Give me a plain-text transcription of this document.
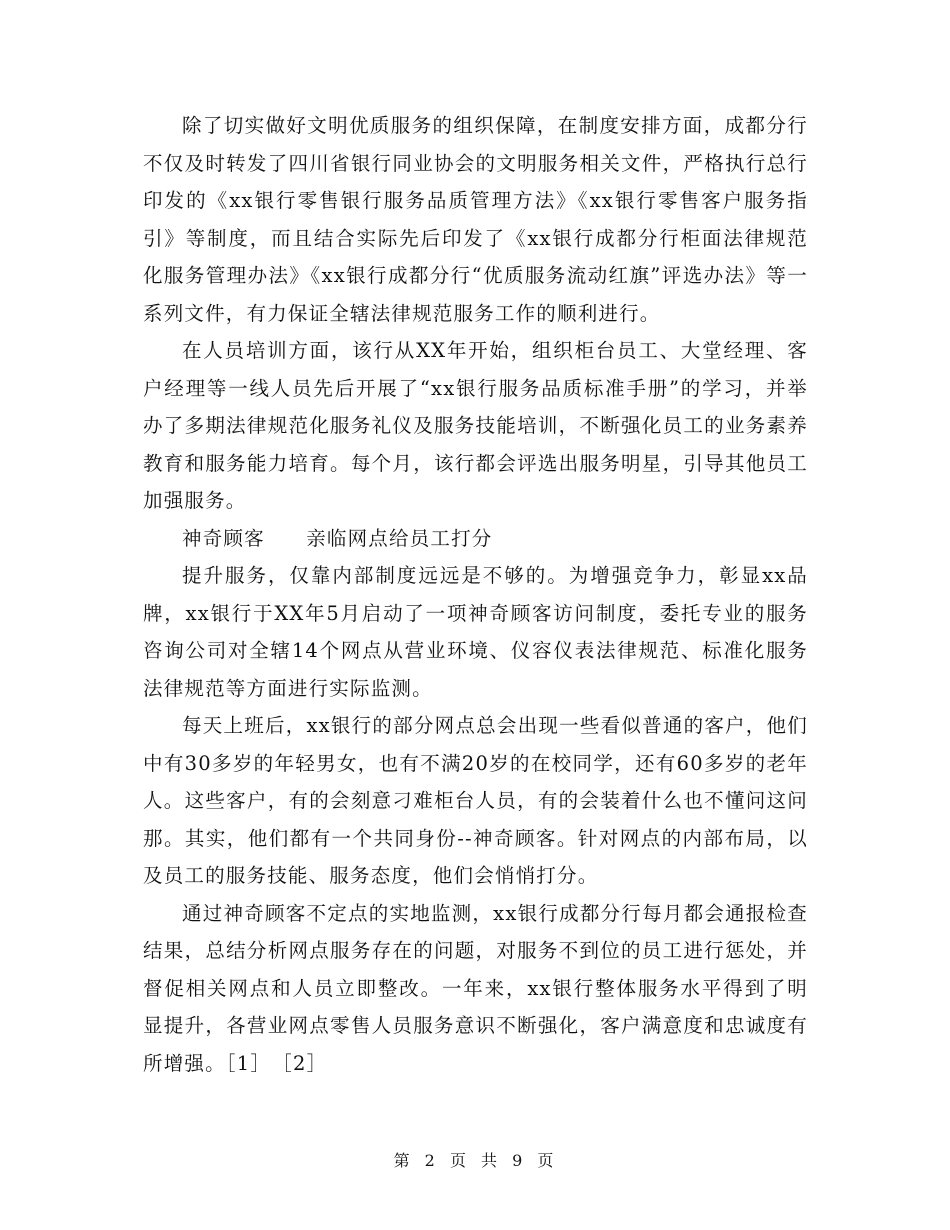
除了切实做好文明优质服务的组织保障，在制度安排方面，成都分行不仅及时转发了四川省银行同业协会的文明服务相关文件，严格执行总行印发的《xx银行零售银行服务品质管理方法》《xx银行零售客户服务指引》等制度，而且结合实际先后印发了《xx银行成都分行柜面法律规范化服务管理办法》《xx银行成都分行“优质服务流动红旗”评选办法》等一系列文件，有力保证全辖法律规范服务工作的顺利进行。

在人员培训方面，该行从XX年开始，组织柜台员工、大堂经理、客户经理等一线人员先后开展了“xx银行服务品质标准手册”的学习，并举办了多期法律规范化服务礼仪及服务技能培训，不断强化员工的业务素养教育和服务能力培育。每个月，该行都会评选出服务明星，引导其他员工加强服务。

神奇顾客　　亲临网点给员工打分

提升服务，仅靠内部制度远远是不够的。为增强竞争力，彰显xx品牌，xx银行于XX年5月启动了一项神奇顾客访问制度，委托专业的服务咨询公司对全辖14个网点从营业环境、仪容仪表法律规范、标准化服务法律规范等方面进行实际监测。

每天上班后，xx银行的部分网点总会出现一些看似普通的客户，他们中有30多岁的年轻男女，也有不满20岁的在校同学，还有60多岁的老年人。这些客户，有的会刻意刁难柜台人员，有的会装着什么也不懂问这问那。其实，他们都有一个共同身份--神奇顾客。针对网点的内部布局，以及员工的服务技能、服务态度，他们会悄悄打分。

通过神奇顾客不定点的实地监测，xx银行成都分行每月都会通报检查结果，总结分析网点服务存在的问题，对服务不到位的员工进行惩处，并督促相关网点和人员立即整改。一年来，xx银行整体服务水平得到了明显提升，各营业网点零售人员服务意识不断强化，客户满意度和忠诚度有所增强。［1］　［2］

第 2 页 共 9 页
